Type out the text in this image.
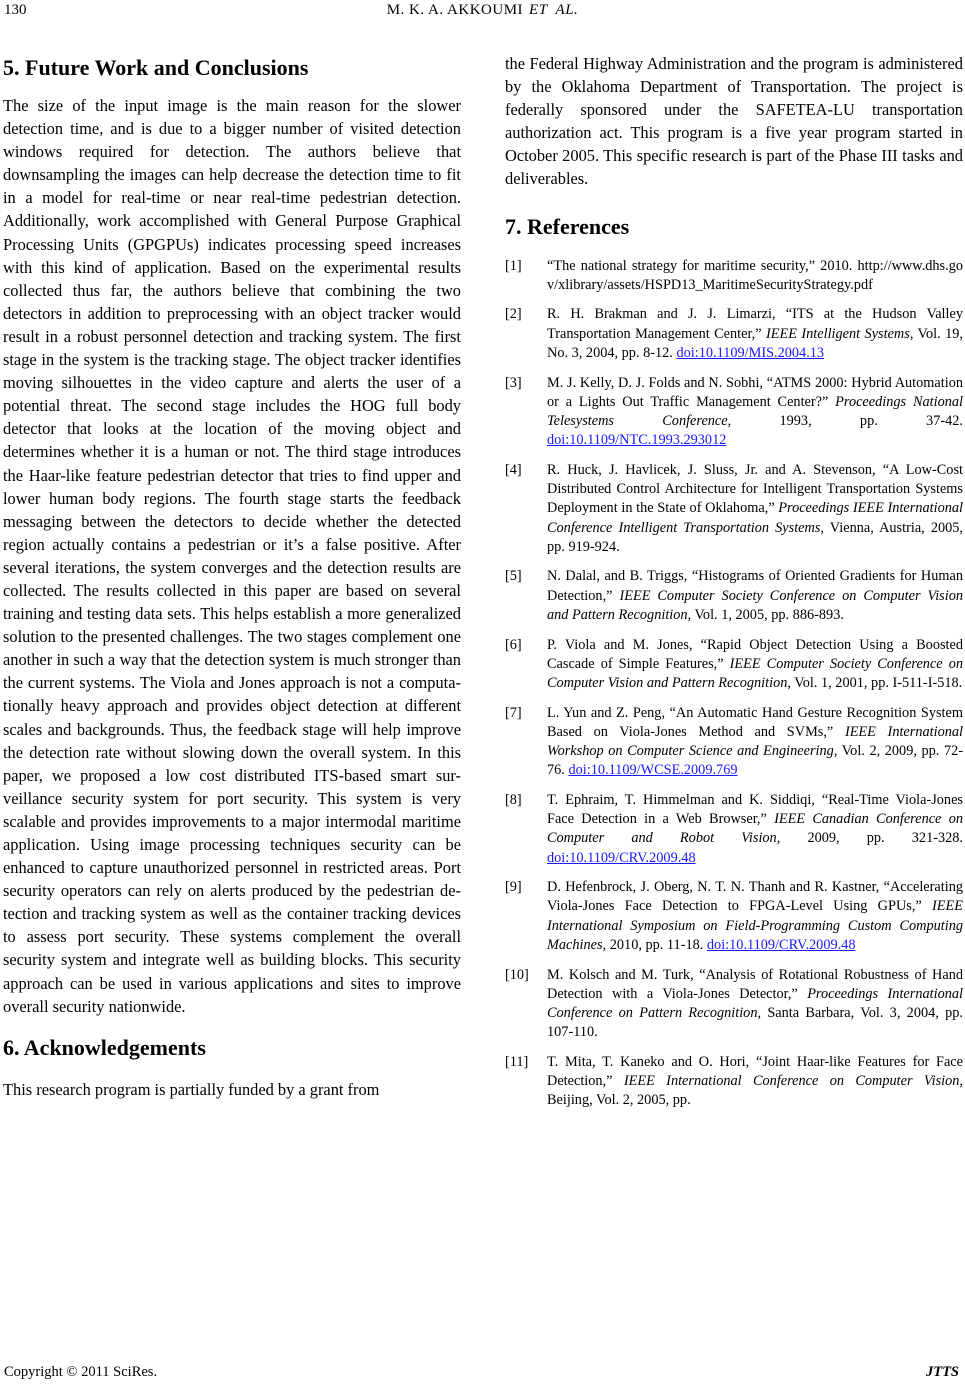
130	M. K. A. AKKOUMI ET AL.
5. Future Work and Conclusions

The size of the input image is the main reason for the slower detection time, and is due to a bigger number of visited detection windows required for detection. The authors believe that downsampling the images can help decrease the detection time to fit in a model for real-time or near real-time pedestrian detection. Additionally, work accomplished with General Purpose Graphical Processing Units (GPGPUs) indicates processing speed increases with this kind of application. Based on the experimental results collected thus far, the authors believe that combining the two detectors in addition to preprocessing with an object tracker would result in a robust personnel detection and tracking system. The first stage in the system is the tracking stage. The object tracker identifies moving silhouettes in the video capture and alerts the user of a potential threat. The second stage includes the HOG full body detector that looks at the location of the moving object and determines whether it is a human or not. The third stage introduces the Haar-like feature pedestrian detector that tries to find upper and lower human body regions. The fourth stage starts the feedback messaging between the detectors to decide whether the detected region actually contains a pedestrian or it’s a false positive. After several iterations, the system converges and the detection results are collected. The results collected in this paper are based on several training and testing data sets. This helps establish a more generalized solution to the presented challenges. The two stages complement one another in such a way that the detection system is much stronger than the current systems. The Viola and Jones approach is not a computationally heavy approach and provides object detection at different scales and backgrounds. Thus, the feedback stage will help improve the detection rate without slowing down the overall system. In this paper, we proposed a low cost distributed ITS-based smart sur- veillance security system for port security. This system is very scalable and provides improvements to a major intermodal maritime application. Using image processing techniques security can be enhanced to capture unauthorized personnel in restricted areas. Port security operators can rely on alerts produced by the pedestrian detection and tracking system as well as the container tracking devices to assess port security. These systems complement the overall security system and integrate well as building blocks. This security approach can be used in various applications and sites to improve overall security nationwide.

6. Acknowledgements

This research program is partially funded by a grant from

the Federal Highway Administration and the program is administered by the Oklahoma Department of Transportation. The project is federally sponsored under the SAFETEA-LU transportation authorization act. This program is a five year program started in October 2005. This specific research is part of the Phase III tasks and deliverables.

7. References
[1] “The national strategy for maritime security,” 2010. http://www.dhs.gov/xlibrary/assets/HSPD13_MaritimeSecurityStrategy.pdf
[2] R. H. Brakman and J. J. Limarzi, “ITS at the Hudson Valley Transportation Management Center,” IEEE Intelligent Systems, Vol. 19, No. 3, 2004, pp. 8-12. doi:10.1109/MIS.2004.13
[3] M. J. Kelly, D. J. Folds and N. Sobhi, “ATMS 2000: Hybrid Automation or a Lights Out Traffic Management Center?” Proceedings National Telesystems Conference, 1993, pp. 37-42. doi:10.1109/NTC.1993.293012
[4] R. Huck, J. Havlicek, J. Sluss, Jr. and A. Stevenson, “A Low-Cost Distributed Control Architecture for Intelligent Transportation Systems Deployment in the State of Oklahoma,” Proceedings IEEE International Conference Intelligent Transportation Systems, Vienna, Austria, 2005, pp. 919-924.
[5] N. Dalal, and B. Triggs, “Histograms of Oriented Gradients for Human Detection,” IEEE Computer Society Conference on Computer Vision and Pattern Recognition, Vol. 1, 2005, pp. 886-893.
[6] P. Viola and M. Jones, “Rapid Object Detection Using a Boosted Cascade of Simple Features,” IEEE Computer Society Conference on Computer Vision and Pattern Recognition, Vol. 1, 2001, pp. I-511-I-518.
[7] L. Yun and Z. Peng, “An Automatic Hand Gesture Recognition System Based on Viola-Jones Method and SVMs,” IEEE International Workshop on Computer Science and Engineering, Vol. 2, 2009, pp. 72-76. doi:10.1109/WCSE.2009.769
[8] T. Ephraim, T. Himmelman and K. Siddiqi, “Real-Time Viola-Jones Face Detection in a Web Browser,” IEEE Canadian Conference on Computer and Robot Vision, 2009, pp. 321-328. doi:10.1109/CRV.2009.48
[9] D. Hefenbrock, J. Oberg, N. T. N. Thanh and R. Kastner, “Accelerating Viola-Jones Face Detection to FPGA-Level Using GPUs,” IEEE International Symposium on Field-Programming Custom Computing Machines, 2010, pp. 11-18. doi:10.1109/CRV.2009.48
[10] M. Kolsch and M. Turk, “Analysis of Rotational Robustness of Hand Detection with a Viola-Jones Detector,” Proceedings International Conference on Pattern Recognition, Santa Barbara, Vol. 3, 2004, pp. 107-110.
[11] T. Mita, T. Kaneko and O. Hori, “Joint Haar-like Features for Face Detection,” IEEE International Conference on Computer Vision, Beijing, Vol. 2, 2005, pp.
Copyright © 2011 SciRes.	JTTS
